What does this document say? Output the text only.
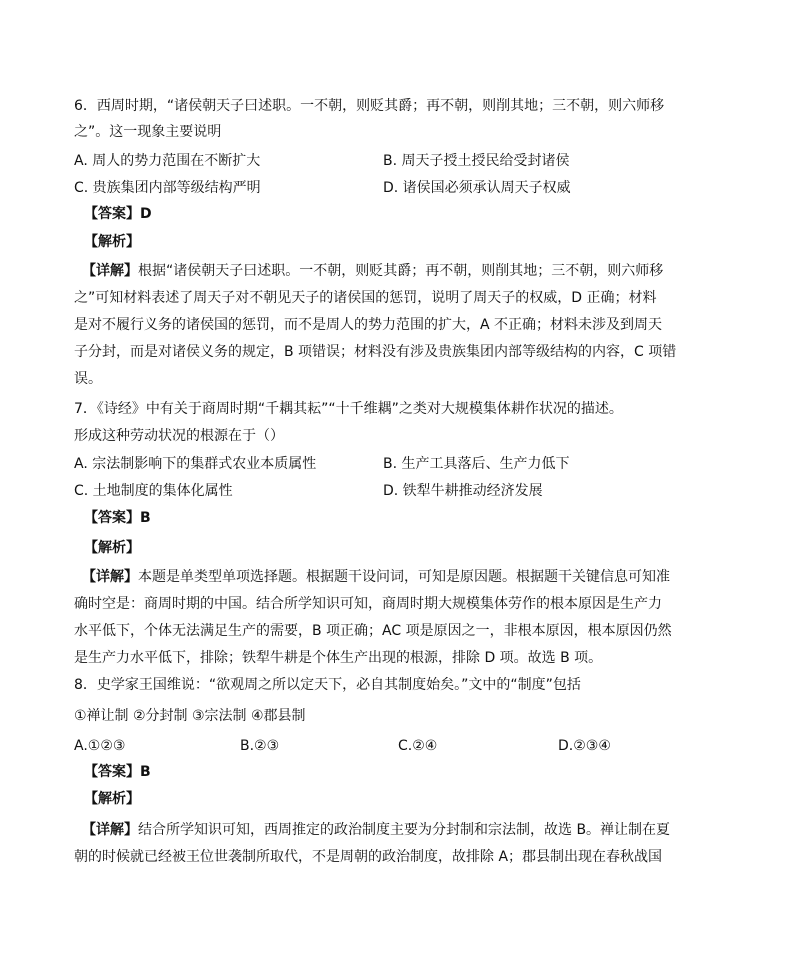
6．西周时期，“诸侯朝天子曰述职。一不朝，则贬其爵；再不朝，则削其地；三不朝，则六师移
之”。这一现象主要说明
A. 周人的势力范围在不断扩大	B. 周天子授土授民给受封诸侯
C. 贵族集团内部等级结构严明	D. 诸侯国必须承认周天子权威
【答案】D
【解析】
【详解】根据“诸侯朝天子曰述职。一不朝，则贬其爵；再不朝，则削其地；三不朝，则六师移
之”可知材料表述了周天子对不朝见天子的诸侯国的惩罚，说明了周天子的权威，D 正确；材料
是对不履行义务的诸侯国的惩罚，而不是周人的势力范围的扩大，A 不正确；材料未涉及到周天
子分封，而是对诸侯义务的规定，B 项错误；材料没有涉及贵族集团内部等级结构的内容，C 项错
误。
7．《诗经》中有关于商周时期“千耦其耘”“十千维耦”之类对大规模集体耕作状况的描述。
形成这种劳动状况的根源在于（）
A. 宗法制影响下的集群式农业本质属性	B. 生产工具落后、生产力低下
C. 土地制度的集体化属性	D. 铁犁牛耕推动经济发展
【答案】B
【解析】
【详解】本题是单类型单项选择题。根据题干设问词，可知是原因题。根据题干关键信息可知准
确时空是：商周时期的中国。结合所学知识可知，商周时期大规模集体劳作的根本原因是生产力
水平低下，个体无法满足生产的需要，B 项正确；AC 项是原因之一，非根本原因，根本原因仍然
是生产力水平低下，排除；铁犁牛耕是个体生产出现的根源，排除 D 项。故选 B 项。
8．史学家王国维说：“欲观周之所以定天下，必自其制度始矣。”文中的“制度”包括
①禅让制 ②分封制 ③宗法制 ④郡县制
A.①②③	B.②③	C.②④	D.②③④
【答案】B
【解析】
【详解】结合所学知识可知，西周推定的政治制度主要为分封制和宗法制，故选 B。禅让制在夏
朝的时候就已经被王位世袭制所取代，不是周朝的政治制度，故排除 A；郡县制出现在春秋战国
